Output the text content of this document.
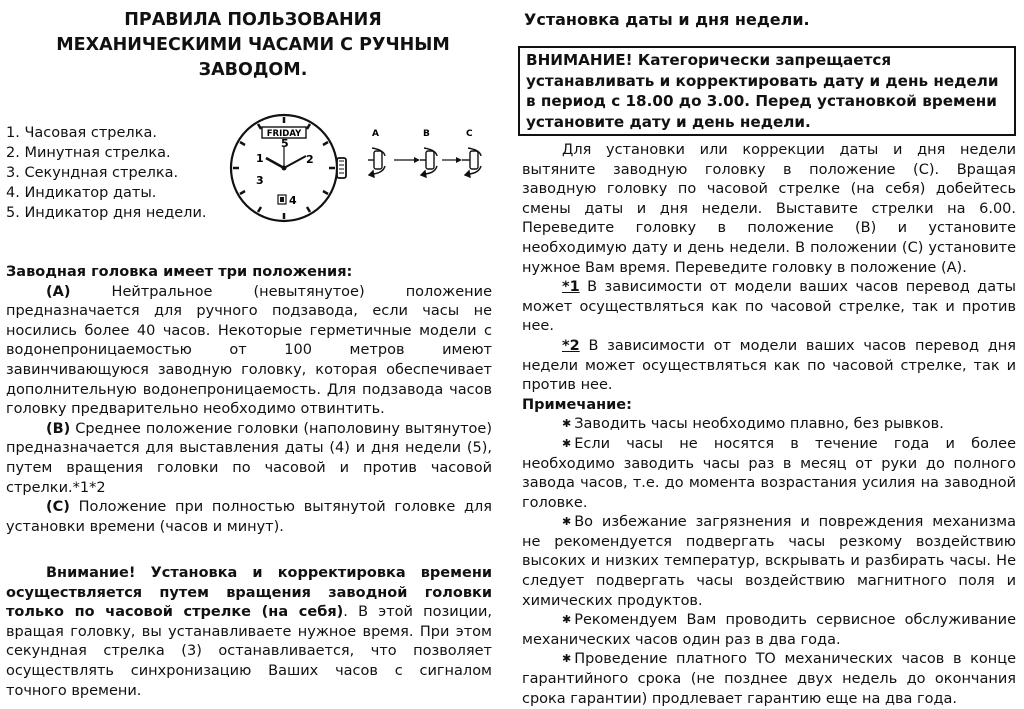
ПРАВИЛА ПОЛЬЗОВАНИЯ
МЕХАНИЧЕСКИМИ ЧАСАМИ С РУЧНЫМ
ЗАВОДОМ.
1. Часовая стрелка.
2. Минутная стрелка.
3. Секундная стрелка.
4. Индикатор даты.
5. Индикатор дня недели.
FRIDAY
5
1	2
3
4
A	B	C
Заводная головка имеет три положения:
(А) Нейтральное (невытянутое) положение предназначается для ручного подзавода, если часы не носились более 40 часов. Некоторые герметичные модели с водонепроницаемостью от 100 метров имеют завинчивающуюся заводную головку, которая обеспечивает дополнительную водонепроницаемость. Для подзавода часов головку предварительно необходимо отвинтить.
(В) Среднее положение головки (наполовину вытянутое) предназначается для выставления даты (4) и дня недели (5), путем вращения головки по часовой и против часовой стрелки.*1*2
(С) Положение при полностью вытянутой головке для установки времени (часов и минут).
Внимание! Установка и корректировка времени осуществляется путем вращения заводной головки только по часовой стрелке (на себя). В этой позиции, вращая головку, вы устанавливаете нужное время. При этом секундная стрелка (3) останавливается, что позволяет осуществлять синхронизацию Ваших часов с сигналом точного времени.
Установка даты и дня недели.
ВНИМАНИЕ! Категорически запрещается устанавливать и корректировать дату и день недели в период с 18.00 до 3.00. Перед установкой времени установите дату и день недели.
Для установки или коррекции даты и дня недели вытяните заводную головку в положение (С). Вращая заводную головку по часовой стрелке (на себя) добейтесь смены даты и дня недели. Выставите стрелки на 6.00. Переведите головку в положение (В) и установите необходимую дату и день недели. В положении (С) установите нужное Вам время. Переведите головку в положение (А).
*1 В зависимости от модели ваших часов перевод даты может осуществляться как по часовой стрелке, так и против нее.
*2 В зависимости от модели ваших часов перевод дня недели может осуществляться как по часовой стрелке, так и против нее.
Примечание:
✱ Заводить часы необходимо плавно, без рывков.
✱ Если часы не носятся в течение года и более необходимо заводить часы раз в месяц от руки до полного завода часов, т.е. до момента возрастания усилия на заводной головке.
✱ Во избежание загрязнения и повреждения механизма не рекомендуется подвергать часы резкому воздействию высоких и низких температур, вскрывать и разбирать часы. Не следует подвергать часы воздействию магнитного поля и химических продуктов.
✱ Рекомендуем Вам проводить сервисное обслуживание механических часов один раз в два года.
✱ Проведение платного ТО механических часов в конце гарантийного срока (не позднее двух недель до окончания срока гарантии) продлевает гарантию еще на два года.
